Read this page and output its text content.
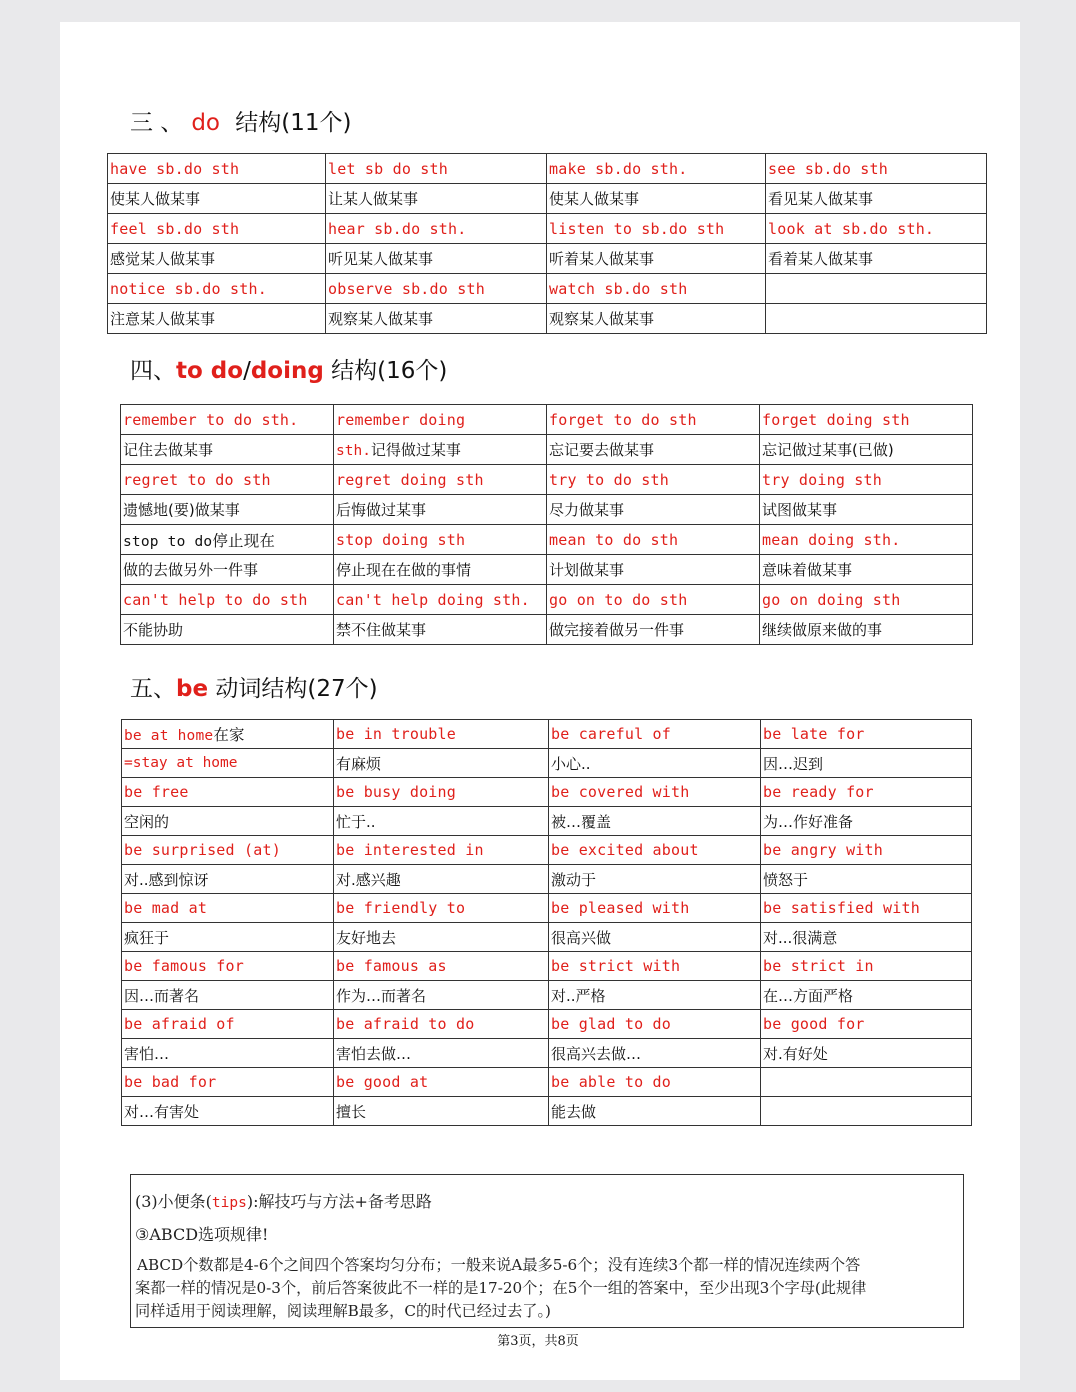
三 、 do 结构(11个)
have sb.do sth	let sb do sth	make sb.do sth.	see sb.do sth
使某人做某事	让某人做某事	使某人做某事	看见某人做某事
feel sb.do sth	hear sb.do sth.	listen to sb.do sth	look at sb.do sth.
感觉某人做某事	听见某人做某事	听着某人做某事	看着某人做某事
notice sb.do sth.	observe sb.do sth	watch sb.do sth	
注意某人做某事	观察某人做某事	观察某人做某事	
四、to do/doing 结构(16个)
remember to do sth.	remember doing	forget to do sth	forget doing sth
记住去做某事	sth.记得做过某事	忘记要去做某事	忘记做过某事(已做)
regret to do sth	regret doing sth	try to do sth	try doing sth
遗憾地(要)做某事	后悔做过某事	尽力做某事	试图做某事
stop to do停止现在	stop doing sth	mean to do sth	mean doing sth.
做的去做另外一件事	停止现在在做的事情	计划做某事	意味着做某事
can't help to do sth	can't help doing sth.	go on to do sth	go on doing sth
不能协助	禁不住做某事	做完接着做另一件事	继续做原来做的事
五、be 动词结构(27个)
be at home在家	be in trouble	be careful of	be late for
=stay at home	有麻烦	小心..	因…迟到
be free	be busy doing	be covered with	be ready for
空闲的	忙于..	被…覆盖	为…作好准备
be surprised (at)	be interested in	be excited about	be angry with
对..感到惊讶	对.感兴趣	激动于	愤怒于
be mad at	be friendly to	be pleased with	be satisfied with
疯狂于	友好地去	很高兴做	对...很满意
be famous for	be famous as	be strict with	be strict in
因…而著名	作为…而著名	对..严格	在…方面严格
be afraid of	be afraid to do	be glad to do	be good for
害怕…	害怕去做…	很高兴去做…	对.有好处
be bad for	be good at	be able to do	
对…有害处	擅长	能去做	
(3)小便条(tips):解技巧与方法+备考思路
③ABCD选项规律!
ABCD个数都是4-6个之间四个答案均匀分布；一般来说A最多5-6个；没有连续3个都一样的情况连续两个答
案都一样的情况是0-3个，前后答案彼此不一样的是17-20个；在5个一组的答案中，至少出现3个字母(此规律
同样适用于阅读理解，阅读理解B最多，C的时代已经过去了。)
第3页，共8页
